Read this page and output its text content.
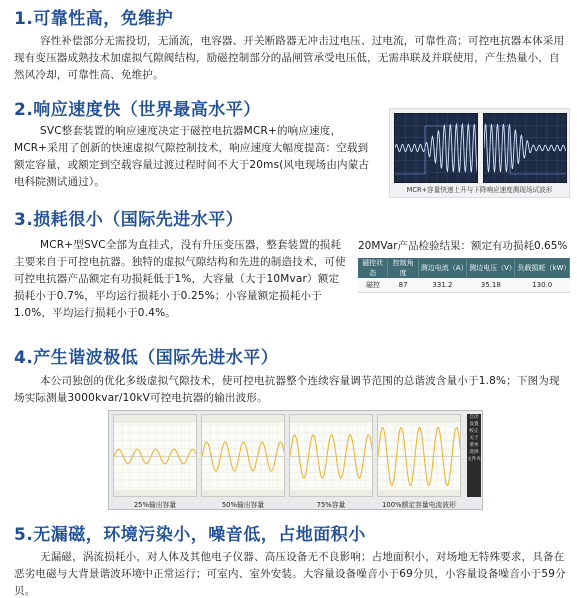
1.可靠性高，免维护
容性补偿部分无需投切，无涌流，电容器、开关断路器无冲击过电压、过电流，可靠性高；可控电抗器本体采用现有变压器成熟技术加虚拟气隙阀结构，励磁控制部分的晶闸管承受电压低，无需串联及并联使用，产生热量小，自然风冷却，可靠性高、免维护。
2.响应速度快（世界最高水平）
SVC整套装置的响应速度决定于磁控电抗器MCR+的响应速度，MCR+采用了创新的快速虚拟气隙控制技术，响应速度大幅度提高：空载到额定容量，或额定到空载容量过渡过程时间不大于20ms(风电现场由内蒙古电科院测试通过）。
MCR+容量快速上升与下降响应速度测现场试波形
3.损耗很小（国际先进水平）
MCR+型SVC全部为直挂式，没有升压变压器，整套装置的损耗主要来自于可控电抗器。独特的虚拟气隙结构和先进的制造技术，可使可控电抗器产品额定有功损耗低于1%，大容量（大于10Mvar）额定损耗小于0.7%，平均运行损耗小于0.25%；小容量额定损耗小于1.0%，平均运行损耗小于0.4%。
20MVar产品检验结果：额定有功损耗0.65%
磁控状态	控制角度	测边电流（A）	测边电压（V）	负载损耗（kW）
磁控	87	331.2	35.18	130.0
4.产生谐波极低（国际先进水平）
本公司独创的优化多级虚拟气隙技术，使可控电抗器整个连续容量调节范围的总谐波含量小于1.8%；下图为现场实际测量3000kvar/10kV可控电抗器的输出波形。
自动
设置
校正
关于
菜单
选择
文件夹
25%输出容量	50%输出容量	75%容量	100%额定容量电流波形
5.无漏磁，环境污染小，噪音低，占地面积小
无漏磁，涡流损耗小，对人体及其他电子仪器、高压设备无不良影响；占地面积小，对场地无特殊要求，具备在恶劣电磁与大背景谐波环境中正常运行；可室内、室外安装。大容量设备噪音小于69分贝，小容量设备噪音小于59分贝。
